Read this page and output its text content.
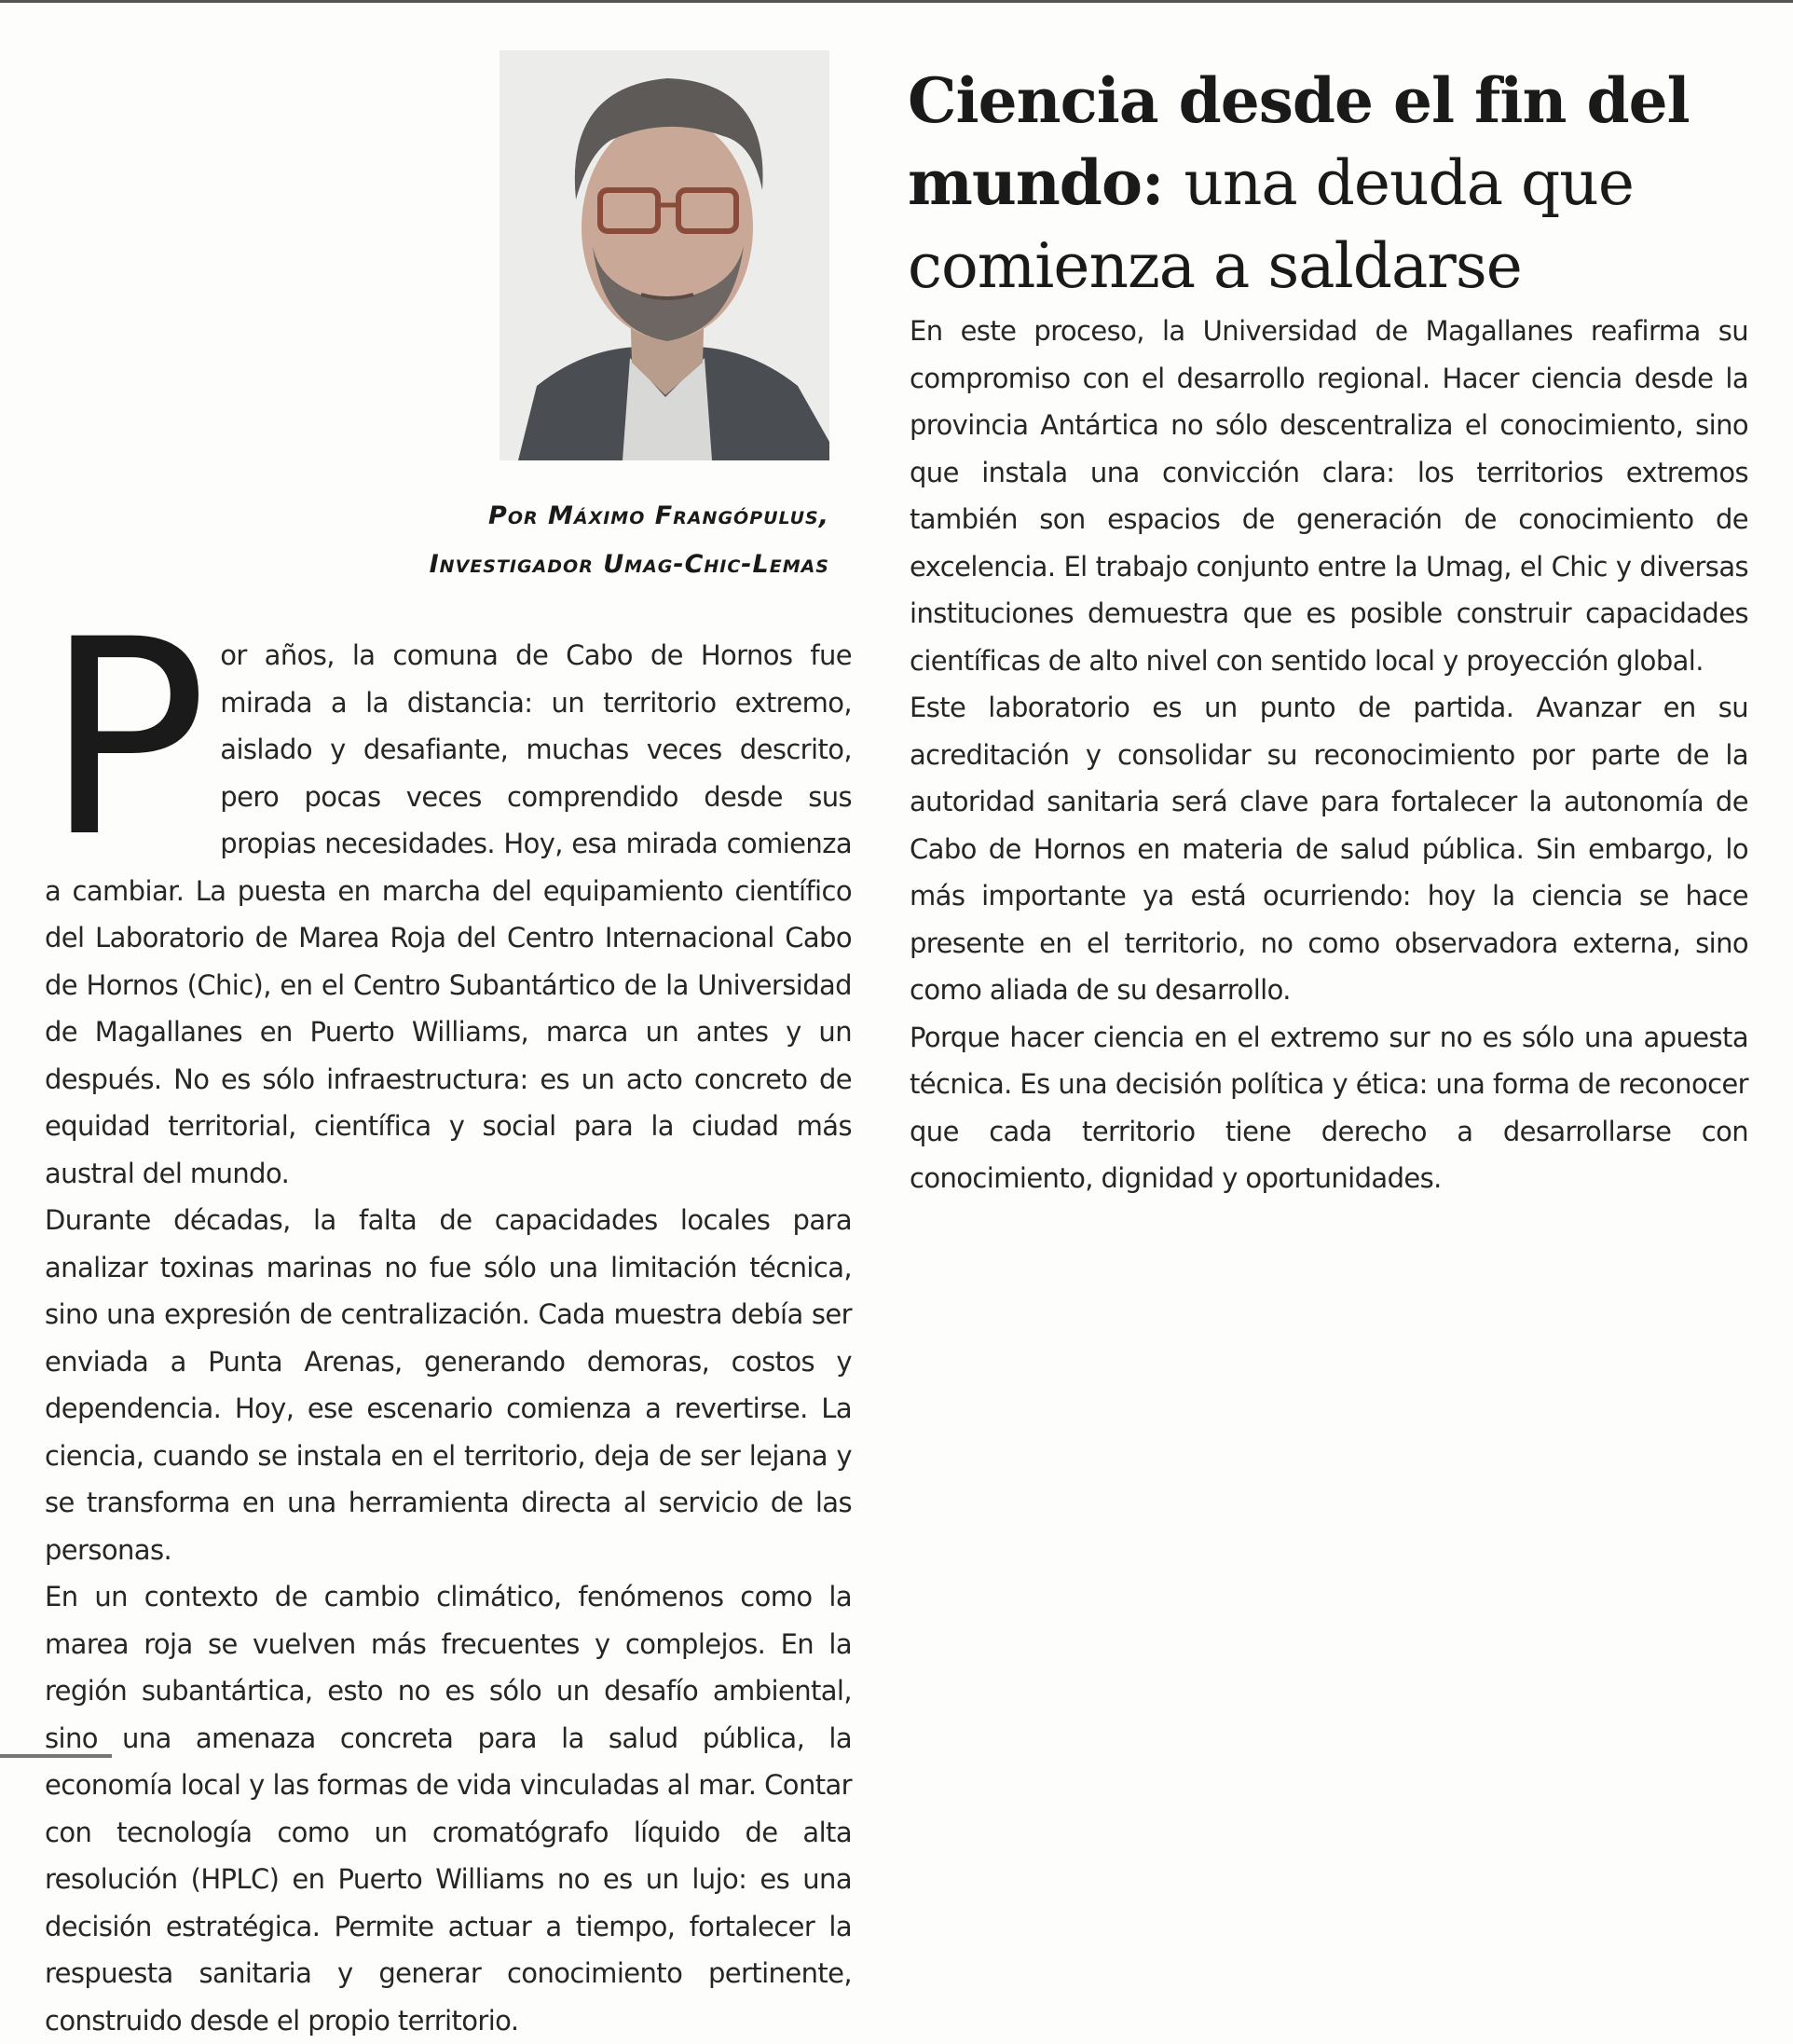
Por Máximo Frangópulus,
Investigador Umag-Chic-Lemas
Ciencia desde el fin del mundo: una deuda que comienza a saldarse

Por años, la comuna de Cabo de Hornos fue mirada a la distancia: un territorio extremo, aislado y desafiante, muchas veces descrito, pero pocas veces comprendido desde sus propias necesidades. Hoy, esa mirada comienza a cambiar. La puesta en marcha del equipamiento científico del Laboratorio de Marea Roja del Centro Internacional Cabo de Hornos (Chic), en el Centro Subantártico de la Universidad de Magallanes en Puerto Williams, marca un antes y un después. No es sólo infraestructura: es un acto concreto de equidad territorial, científica y social para la ciudad más austral del mundo.

Durante décadas, la falta de capacidades locales para analizar toxinas marinas no fue sólo una limitación técnica, sino una expresión de centralización. Cada muestra debía ser enviada a Punta Arenas, generando demoras, costos y dependencia. Hoy, ese escenario comienza a revertirse. La ciencia, cuando se instala en el territorio, deja de ser lejana y se transforma en una herramienta directa al servicio de las personas.

En un contexto de cambio climático, fenómenos como la marea roja se vuelven más frecuentes y complejos. En la región subantártica, esto no es sólo un desafío ambiental, sino una amenaza concreta para la salud pública, la economía local y las formas de vida vinculadas al mar. Contar con tecnología como un cromatógrafo líquido de alta resolución (HPLC) en Puerto Williams no es un lujo: es una decisión estratégica. Permite actuar a tiempo, fortalecer la respuesta sanitaria y generar conocimiento pertinente, construido desde el propio territorio.

En este proceso, la Universidad de Magallanes reafirma su compromiso con el desarrollo regional. Hacer ciencia desde la provincia Antártica no sólo descentraliza el conocimiento, sino que instala una convicción clara: los territorios extremos también son espacios de generación de conocimiento de excelencia. El trabajo conjunto entre la Umag, el Chic y diversas instituciones demuestra que es posible construir capacidades científicas de alto nivel con sentido local y proyección global.

Este laboratorio es un punto de partida. Avanzar en su acreditación y consolidar su reconocimiento por parte de la autoridad sanitaria será clave para fortalecer la autonomía de Cabo de Hornos en materia de salud pública. Sin embargo, lo más importante ya está ocurriendo: hoy la ciencia se hace presente en el territorio, no como observadora externa, sino como aliada de su desarrollo.

Porque hacer ciencia en el extremo sur no es sólo una apuesta técnica. Es una decisión política y ética: una forma de reconocer que cada territorio tiene derecho a desarrollarse con conocimiento, dignidad y oportunidades.
